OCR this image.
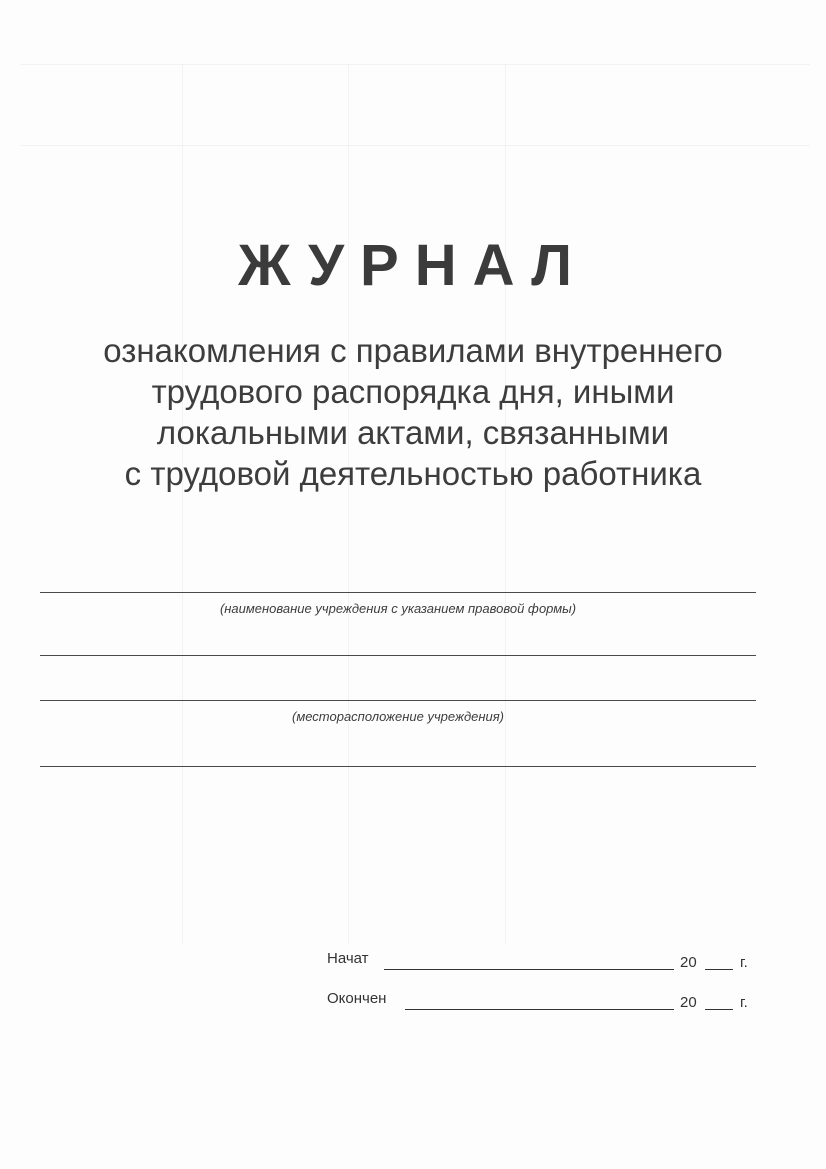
ЖУРНАЛ
ознакомления с правилами внутреннего
трудового распорядка дня, иными
локальными актами, связанными
с трудовой деятельностью работника
(наименование учреждения с указанием правовой формы)
(месторасположение учреждения)
Начат	20	г.
Окончен	20	г.
